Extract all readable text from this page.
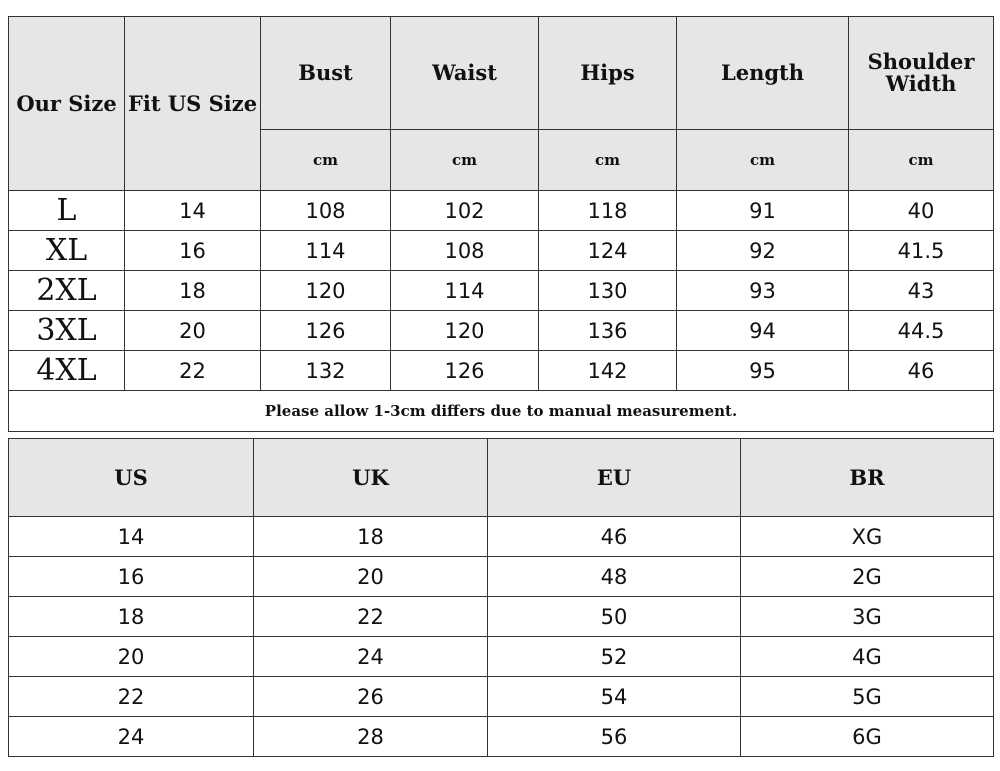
Our Size	Fit US Size	Bust	Waist	Hips	Length	Shoulder
Width
		cm	cm	cm	cm	cm
L	14	108	102	118	91	40
XL	16	114	108	124	92	41.5
2XL	18	120	114	130	93	43
3XL	20	126	120	136	94	44.5
4XL	22	132	126	142	95	46
Please allow 1-3cm differs due to manual measurement.						
US	UK	EU	BR
14	18	46	XG
16	20	48	2G
18	22	50	3G
20	24	52	4G
22	26	54	5G
24	28	56	6G
